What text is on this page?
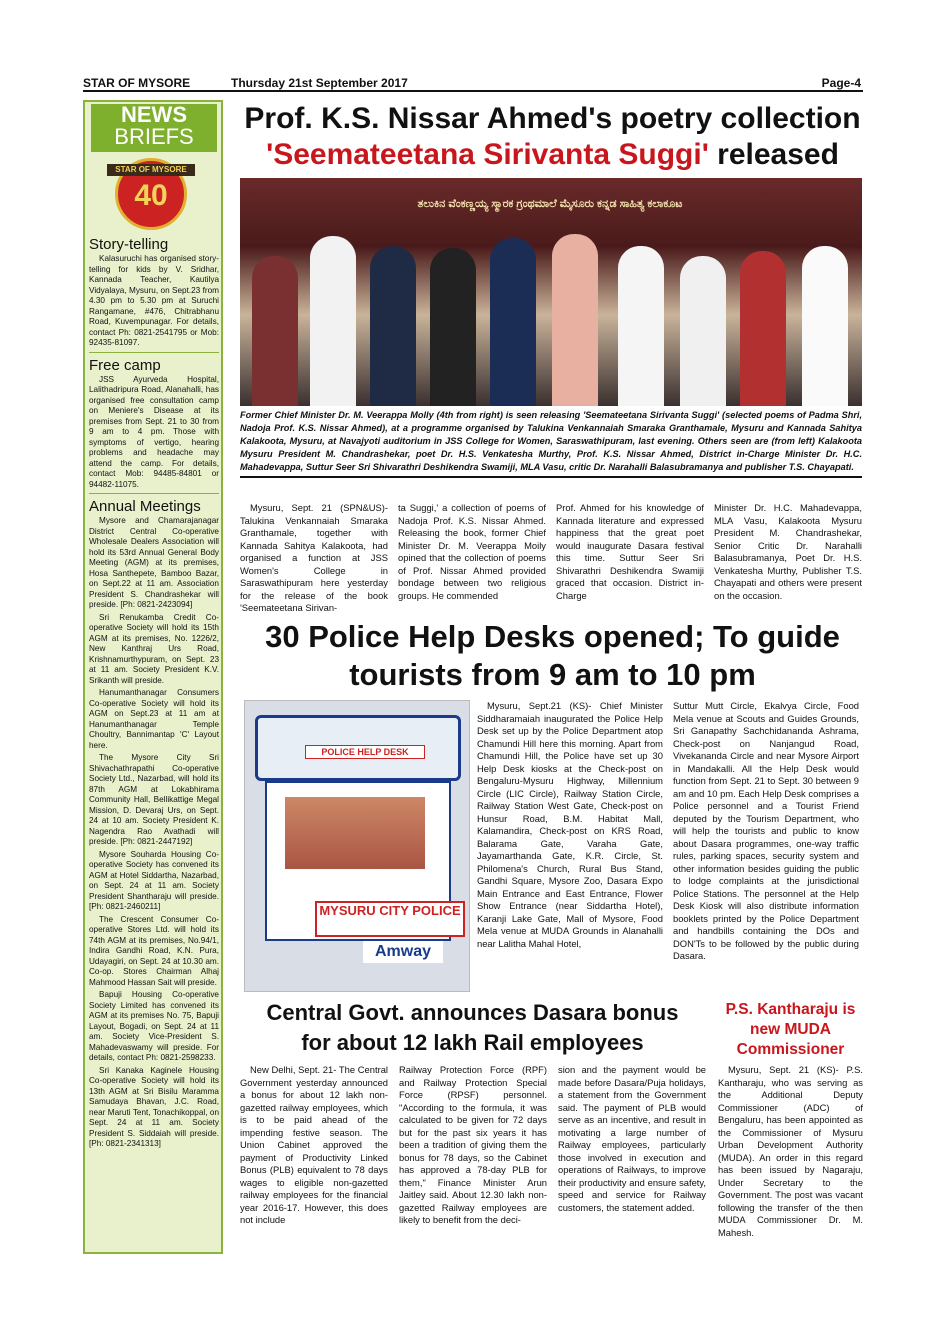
STAR OF MYSORE	Thursday 21st September 2017	Page-4
NEWS
BRIEFS
40
STAR OF MYSORE
Story-telling

Kalasuruchi has organised story-telling for kids by V. Sridhar, Kannada Teacher, Kautilya Vidyalaya, Mysuru, on Sept.23 from 4.30 pm to 5.30 pm at Suruchi Rangamane, #476, Chitrabhanu Road, Kuvempunagar. For details, contact Ph: 0821-2541795 or Mob: 92435-81097.

Free camp

JSS Ayurveda Hospital, Lalithadripura Road, Alanahalli, has organised free consultation camp on Meniere's Disease at its premises from Sept. 21 to 30 from 9 am to 4 pm. Those with symptoms of vertigo, hearing problems and headache may attend the camp. For details, contact Mob: 94485-84801 or 94482-11075.

Annual Meetings

Mysore and Chamarajanagar District Central Co-operative Wholesale Dealers Association will hold its 53rd Annual General Body Meeting (AGM) at its premises, Hosa Santhepete, Bamboo Bazar, on Sept.22 at 11 am. Association President S. Chandrashekar will preside. [Ph: 0821-2423094]

Sri Renukamba Credit Co-operative Society will hold its 15th AGM at its premises, No. 1226/2, New Kanthraj Urs Road, Krishnamurthypuram, on Sept. 23 at 11 am. Society President K.V. Srikanth will preside.

Hanumanthanagar Consumers Co-operative Society will hold its AGM on Sept.23 at 11 am at Hanumanthanagar Temple Choultry, Bannimantap 'C' Layout here.

The Mysore City Sri Shivachathrapathi Co-operative Society Ltd., Nazarbad, will hold its 87th AGM at Lokabhirama Community Hall, Bellikattige Megal Mission, D. Devaraj Urs, on Sept. 24 at 10 am. Society President K. Nagendra Rao Avathadi will preside. [Ph: 0821-2447192]

Mysore Souharda Housing Co-operative Society has convened its AGM at Hotel Siddartha, Nazarbad, on Sept. 24 at 11 am. Society President Shantharaju will preside. [Ph: 0821-2460211]

The Crescent Consumer Co-operative Stores Ltd. will hold its 74th AGM at its premises, No.94/1, Indira Gandhi Road, K.N. Pura, Udayagiri, on Sept. 24 at 10.30 am. Co-op. Stores Chairman Alhaj Mahmood Hassan Sait will preside.

Bapuji Housing Co-operative Society Limited has convened its AGM at its premises No. 75, Bapuji Layout, Bogadi, on Sept. 24 at 11 am. Society Vice-President S. Mahadevaswamy will preside. For details, contact Ph: 0821-2598233.

Sri Kanaka Kaginele Housing Co-operative Society will hold its 13th AGM at Sri Bisilu Maramma Samudaya Bhavan, J.C. Road, near Maruti Tent, Tonachikoppal, on Sept. 24 at 11 am. Society President S. Siddaiah will preside. [Ph: 0821-2341313]

Prof. K.S. Nissar Ahmed's poetry collection
'Seemateetana Sirivanta Suggi' released
ತಲುಕಿನ ವೆಂಕಣ್ಣಯ್ಯ ಸ್ಮಾರಕ ಗ್ರಂಥಮಾಲೆ ಮೈಸೂರು ಕನ್ನಡ ಸಾಹಿತ್ಯ ಕಲಾಕೂಟ
Former Chief Minister Dr. M. Veerappa Molly (4th from right) is seen releasing 'Seemateetana Sirivanta Suggi' (selected poems of Padma Shri, Nadoja Prof. K.S. Nissar Ahmed), at a programme organised by Talukina Venkannaiah Smaraka Granthamale, Mysuru and Kannada Sahitya Kalakoota, Mysuru, at Navajyoti auditorium in JSS College for Women, Saraswathipuram, last evening. Others seen are (from left) Kalakoota Mysuru President M. Chandrashekar, poet Dr. H.S. Venkatesha Murthy, Prof. K.S. Nissar Ahmed, District in-Charge Minister Dr. H.C. Mahadevappa, Suttur Seer Sri Shivarathri Deshikendra Swamiji, MLA Vasu, critic Dr. Narahalli Balasubramanya and publisher T.S. Chayapati.

Mysuru, Sept. 21 (SPN&US)- Talukina Venkannaiah Smaraka Granthamale, together with Kannada Sahitya Kalakoota, had organised a function at JSS Women's College in Saraswathipuram here yesterday for the release of the book 'Seemateetana Sirivan-

ta Suggi,' a collection of poems of Nadoja Prof. K.S. Nissar Ahmed. Releasing the book, former Chief Minister Dr. M. Veerappa Moily opined that the collection of poems of Prof. Nissar Ahmed provided bondage between two religious groups. He commended

Prof. Ahmed for his knowledge of Kannada literature and expressed happiness that the great poet would inaugurate Dasara festival this time. Suttur Seer Sri Shivarathri Deshikendra Swamiji graced that occasion. District in-Charge

Minister Dr. H.C. Mahadevappa, MLA Vasu, Kalakoota Mysuru President M. Chandrashekar, Senior Critic Dr. Narahalli Balasubramanya, Poet Dr. H.S. Venkatesha Murthy, Publisher T.S. Chayapati and others were present on the occasion.

30 Police Help Desks opened; To guide
tourists from 9 am to 10 pm
POLICE HELP DESK
MYSURU CITY POLICE
Amway

Mysuru, Sept.21 (KS)- Chief Minister Siddharamaiah inaugurated the Police Help Desk set up by the Police Department atop Chamundi Hill here this morning. Apart from Chamundi Hill, the Police have set up 30 Help Desk kiosks at the Check-post on Bengaluru-Mysuru Highway, Millennium Circle (LIC Circle), Railway Station Circle, Railway Station West Gate, Check-post on Hunsur Road, B.M. Habitat Mall, Kalamandira, Check-post on KRS Road, Balarama Gate, Varaha Gate, Jayamarthanda Gate, K.R. Circle, St. Philomena's Church, Rural Bus Stand, Gandhi Square, Mysore Zoo, Dasara Expo Main Entrance and East Entrance, Flower Show Entrance (near Siddartha Hotel), Karanji Lake Gate, Mall of Mysore, Food Mela venue at MUDA Grounds in Alanahalli near Lalitha Mahal Hotel,

Suttur Mutt Circle, Ekalvya Circle, Food Mela venue at Scouts and Guides Grounds, Sri Ganapathy Sachchidananda Ashrama, Check-post on Nanjangud Road, Vivekananda Circle and near Mysore Airport in Mandakalli. All the Help Desk would function from Sept. 21 to Sept. 30 between 9 am and 10 pm. Each Help Desk comprises a Police personnel and a Tourist Friend deputed by the Tourism Department, who will help the tourists and public to know about Dasara programmes, one-way traffic rules, parking spaces, security system and other information besides guiding the public to lodge complaints at the jurisdictional Police Stations. The personnel at the Help Desk Kiosk will also distribute information booklets printed by the Police Department and handbills containing the DOs and DON'Ts to be followed by the public during Dasara.

Central Govt. announces Dasara bonus
for about 12 lakh Rail employees

New Delhi, Sept. 21- The Central Government yesterday announced a bonus for about 12 lakh non-gazetted railway employees, which is to be paid ahead of the impending festive season. The Union Cabinet approved the payment of Productivity Linked Bonus (PLB) equivalent to 78 days wages to eligible non-gazetted railway employees for the financial year 2016-17. However, this does not include

Railway Protection Force (RPF) and Railway Protection Special Force (RPSF) personnel. "According to the formula, it was calculated to be given for 72 days but for the past six years it has been a tradition of giving them the bonus for 78 days, so the Cabinet has approved a 78-day PLB for them," Finance Minister Arun Jaitley said. About 12.30 lakh non-gazetted Railway employees are likely to benefit from the deci-

sion and the payment would be made before Dasara/Puja holidays, a statement from the Government said. The payment of PLB would serve as an incentive, and result in motivating a large number of Railway employees, particularly those involved in execution and operations of Railways, to improve their productivity and ensure safety, speed and service for Railway customers, the statement added.

P.S. Kantharaju is new MUDA Commissioner

Mysuru, Sept. 21 (KS)- P.S. Kantharaju, who was serving as the Additional Deputy Commissioner (ADC) of Bengaluru, has been appointed as the Commissioner of Mysuru Urban Development Authority (MUDA). An order in this regard has been issued by Nagaraju, Under Secretary to the Government. The post was vacant following the transfer of the then MUDA Commissioner Dr. M. Mahesh.
